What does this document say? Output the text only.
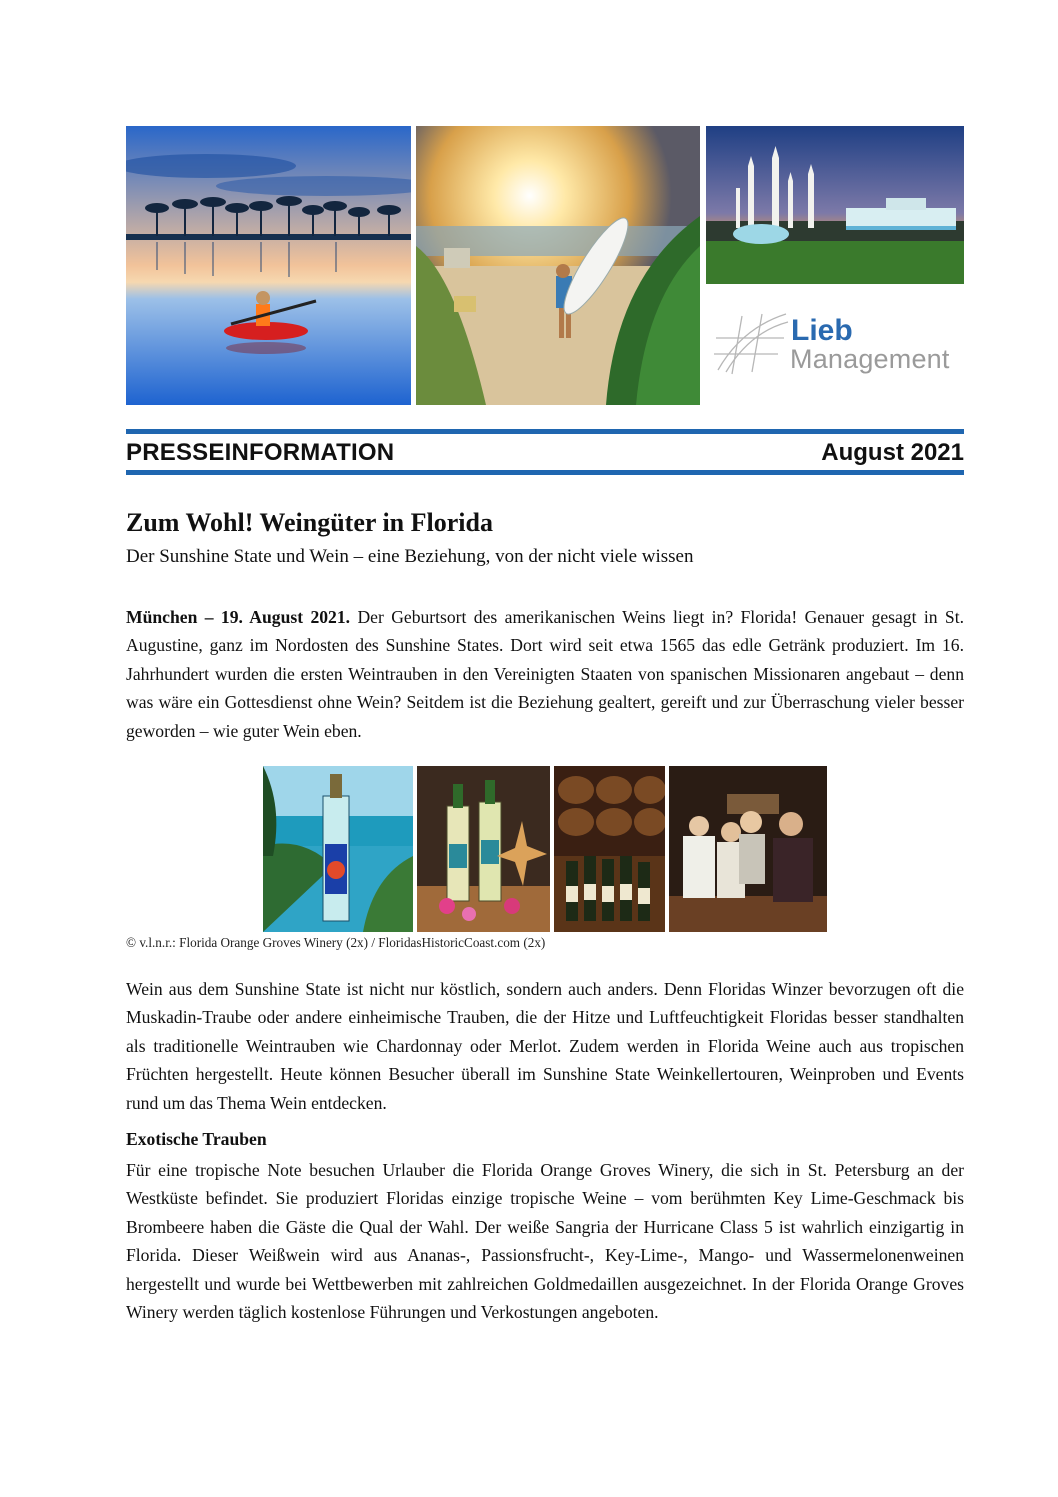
Lieb
Management
PRESSEINFORMATION	August 2021
Zum Wohl! Weingüter in Florida
Der Sunshine State und Wein – eine Beziehung, von der nicht viele wissen

München – 19. August 2021. Der Geburtsort des amerikanischen Weins liegt in? Florida! Genauer gesagt in St. Augustine, ganz im Nordosten des Sunshine States. Dort wird seit etwa 1565 das edle Getränk produziert. Im 16. Jahrhundert wurden die ersten Weintrauben in den Vereinigten Staaten von spanischen Missionaren angebaut – denn was wäre ein Gottesdienst ohne Wein? Seitdem ist die Beziehung gealtert, gereift und zur Überraschung vieler besser geworden – wie guter Wein eben.

© v.l.n.r.: Florida Orange Groves Winery (2x) / FloridasHistoricCoast.com (2x)

Wein aus dem Sunshine State ist nicht nur köstlich, sondern auch anders. Denn Floridas Winzer bevorzugen oft die Muskadin-Traube oder andere einheimische Trauben, die der Hitze und Luftfeuchtigkeit Floridas besser standhalten als traditionelle Weintrauben wie Chardonnay oder Merlot. Zudem werden in Florida Weine auch aus tropischen Früchten hergestellt. Heute können Besucher überall im Sunshine State Weinkellertouren, Weinproben und Events rund um das Thema Wein entdecken.

Exotische Trauben

Für eine tropische Note besuchen Urlauber die Florida Orange Groves Winery, die sich in St. Petersburg an der Westküste befindet. Sie produziert Floridas einzige tropische Weine – vom berühmten Key Lime-Geschmack bis Brombeere haben die Gäste die Qual der Wahl. Der weiße Sangria der Hurricane Class 5 ist wahrlich einzigartig in Florida. Dieser Weißwein wird aus Ananas-, Passionsfrucht-, Key-Lime-, Mango- und Wassermelonenweinen hergestellt und wurde bei Wettbewerben mit zahlreichen Goldmedaillen ausgezeichnet. In der Florida Orange Groves Winery werden täglich kostenlose Führungen und Verkostungen angeboten.
